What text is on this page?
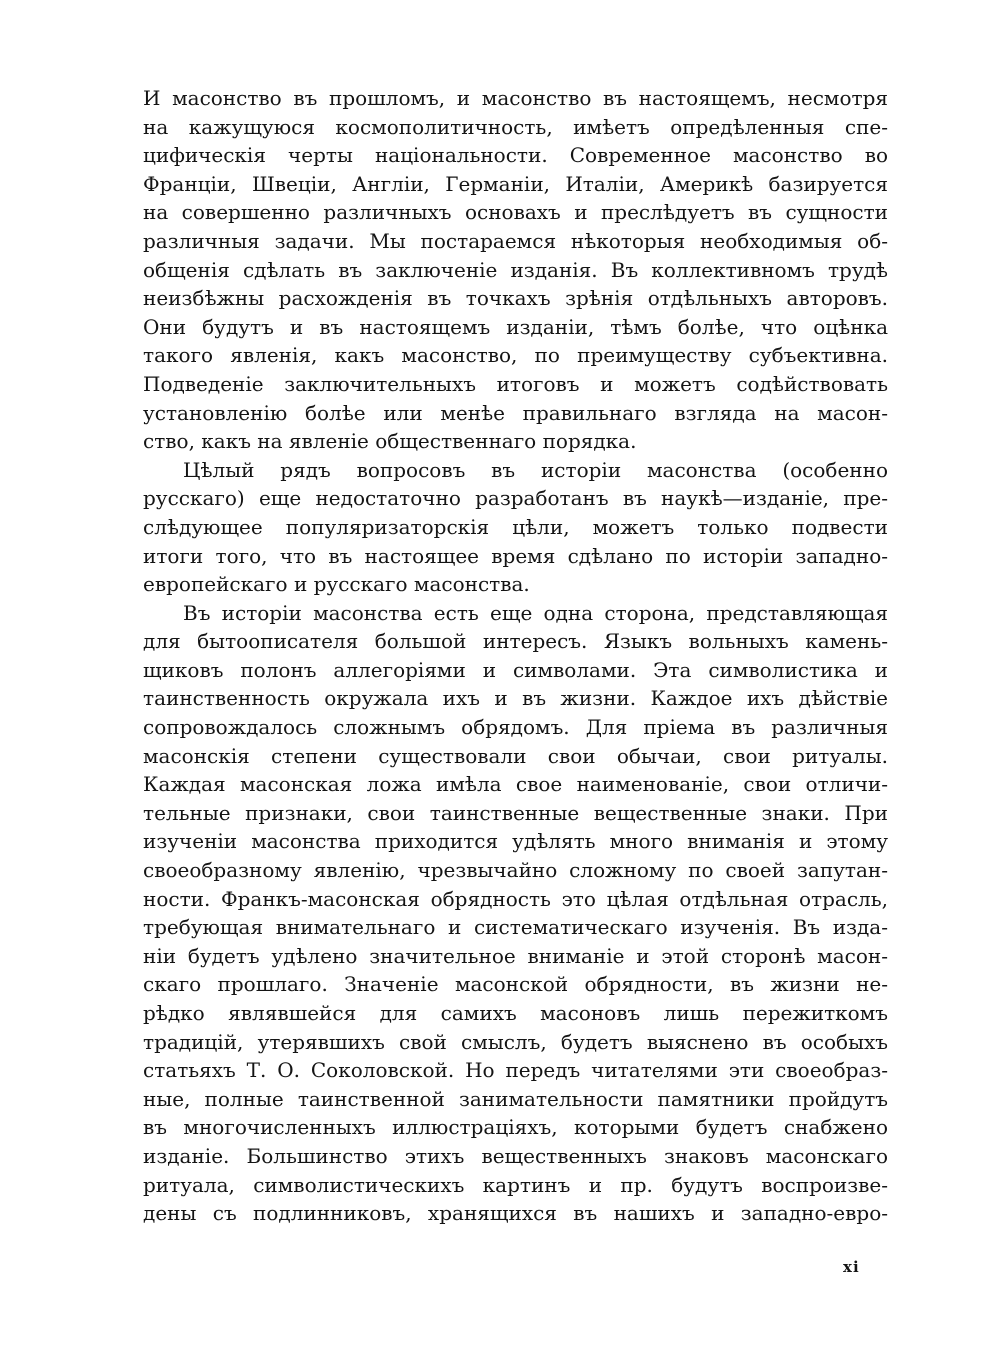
И масонство въ прошломъ, и масонство въ настоящемъ, несмотря
на кажущуюся космополитичность, имѣетъ опредѣленныя спе-
цифическія черты національности. Современное масонство во
Франціи, Швеціи, Англіи, Германіи, Италіи, Америкѣ базируется
на совершенно различныхъ основахъ и преслѣдуетъ въ сущности
различныя задачи. Мы постараемся нѣкоторыя необходимыя об-
общенія сдѣлать въ заключеніе изданія. Въ коллективномъ трудѣ
неизбѣжны расхожденія въ точкахъ зрѣнія отдѣльныхъ авторовъ.
Они будутъ и въ настоящемъ изданіи, тѣмъ болѣе, что оцѣнка
такого явленія, какъ масонство, по преимуществу субъективна.
Подведеніе заключительныхъ итоговъ и можетъ содѣйствовать
установленію болѣе или менѣе правильнаго взгляда на масон-
ство, какъ на явленіе общественнаго порядка.
Цѣлый рядъ вопросовъ въ исторіи масонства (особенно
русскаго) еще недостаточно разработанъ въ наукѣ—изданіе, пре-
слѣдующее популяризаторскія цѣли, можетъ только подвести
итоги того, что въ настоящее время сдѣлано по исторіи западно-
европейскаго и русскаго масонства.
Въ исторіи масонства есть еще одна сторона, представляющая
для бытоописателя большой интересъ. Языкъ вольныхъ камень-
щиковъ полонъ аллегоріями и символами. Эта символистика и
таинственность окружала ихъ и въ жизни. Каждое ихъ дѣйствіе
сопровождалось сложнымъ обрядомъ. Для пріема въ различныя
масонскія степени существовали свои обычаи, свои ритуалы.
Каждая масонская ложа имѣла свое наименованіе, свои отличи-
тельные признаки, свои таинственные вещественные знаки. При
изученіи масонства приходится удѣлять много вниманія и этому
своеобразному явленію, чрезвычайно сложному по своей запутан-
ности. Франкъ-масонская обрядность это цѣлая отдѣльная отрасль,
требующая внимательнаго и систематическаго изученія. Въ изда-
ніи будетъ удѣлено значительное вниманіе и этой сторонѣ масон-
скаго прошлаго. Значеніе масонской обрядности, въ жизни не-
рѣдко являвшейся для самихъ масоновъ лишь пережиткомъ
традицій, утерявшихъ свой смыслъ, будетъ выяснено въ особыхъ
статьяхъ Т. О. Соколовской. Но передъ читателями эти своеобраз-
ные, полные таинственной занимательности памятники пройдутъ
въ многочисленныхъ иллюстраціяхъ, которыми будетъ снабжено
изданіе. Большинство этихъ вещественныхъ знаковъ масонскаго
ритуала, символистическихъ картинъ и пр. будутъ воспроизве-
дены съ подлинниковъ, хранящихся въ нашихъ и западно-евро-
xi
